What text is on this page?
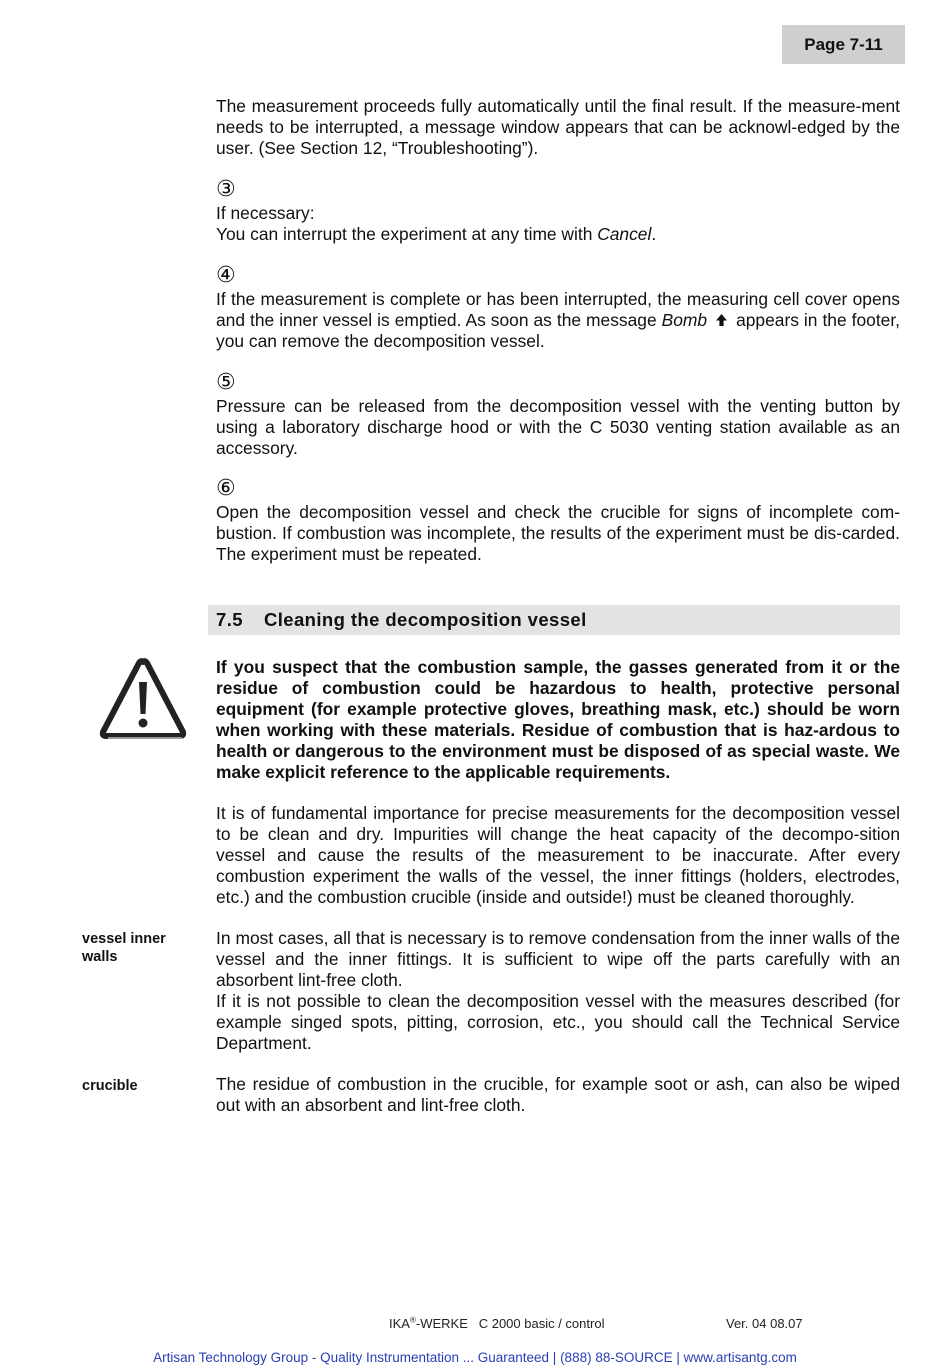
Page 7-11

The measurement proceeds fully automatically until the final result. If the measure-ment needs to be interrupted, a message window appears that can be acknowl-edged by the user. (See Section 12, “Troubleshooting”).

③

If necessary:

You can interrupt the experiment at any time with Cancel.

④

If the measurement is complete or has been interrupted, the measuring cell cover opens and the inner vessel is emptied. As soon as the message Bomb  appears in the footer, you can remove the decomposition vessel.

⑤

Pressure can be released from the decomposition vessel with the venting button by using a laboratory discharge hood or with the C 5030 venting station available as an accessory.

⑥

Open the decomposition vessel and check the crucible for signs of incomplete com-bustion. If combustion was incomplete, the results of the experiment must be dis-carded. The experiment must be repeated.

7.5	Cleaning the decomposition vessel

If you suspect that the combustion sample, the gasses generated from it or the residue of combustion could be hazardous to health, protective personal equipment (for example protective gloves, breathing mask, etc.) should be worn when working with these materials. Residue of combustion that is haz-ardous to health or dangerous to the environment must be disposed of as special waste. We make explicit reference to the applicable requirements.

It is of fundamental importance for precise measurements for the decomposition vessel to be clean and dry. Impurities will change the heat capacity of the decompo-sition vessel and cause the results of the measurement to be inaccurate. After every combustion experiment the walls of the vessel, the inner fittings (holders, electrodes, etc.) and the combustion crucible (inside and outside!) must be cleaned thoroughly.

vessel inner
walls

In most cases, all that is necessary is to remove condensation from the inner walls of the vessel and the inner fittings. It is sufficient to wipe off the parts carefully with an absorbent lint-free cloth.

If it is not possible to clean the decomposition vessel with the measures described (for example singed spots, pitting, corrosion, etc., you should call the Technical Service Department.

crucible	The residue of combustion in the crucible, for example soot or ash, can also be wiped out with an absorbent and lint-free cloth.

IKA®-WERKE C 2000 basic / control	Ver. 04 08.07
Artisan Technology Group - Quality Instrumentation ... Guaranteed | (888) 88-SOURCE | www.artisantg.com
